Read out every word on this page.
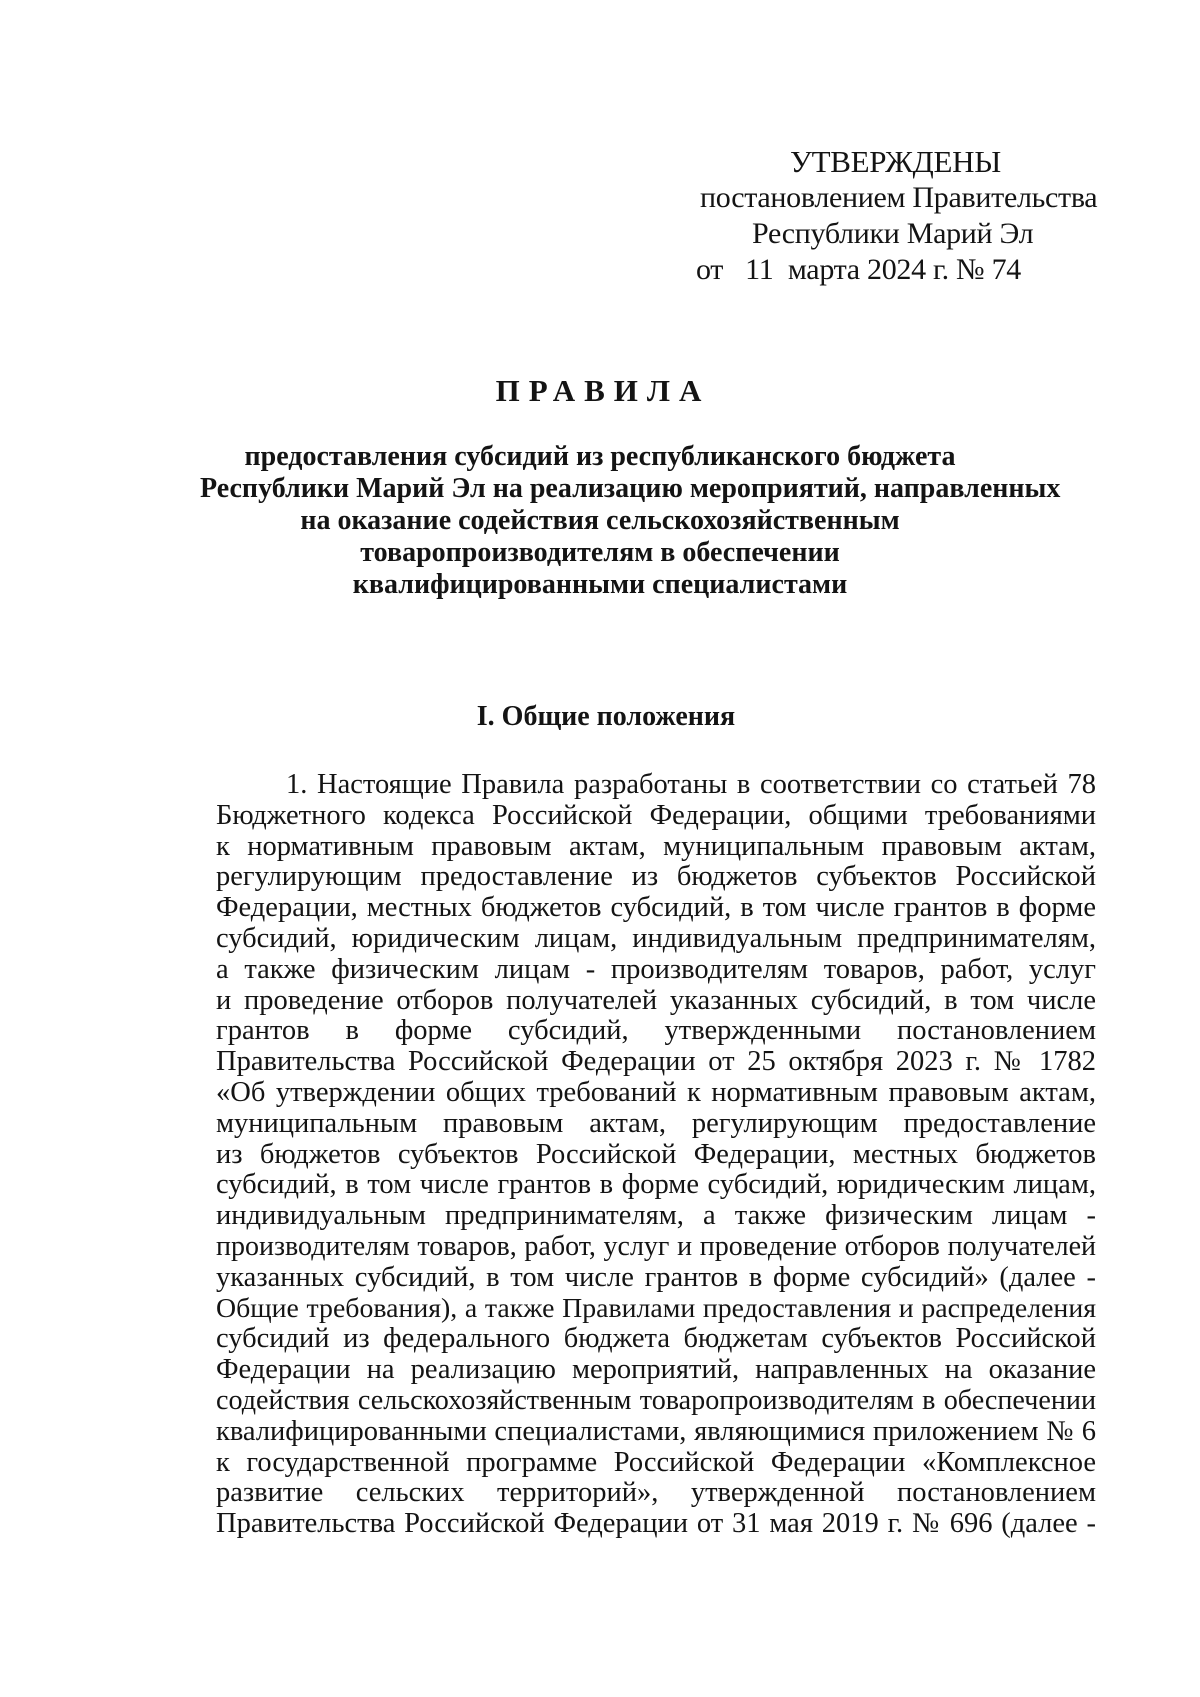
УТВЕРЖДЕНЫ
постановлением Правительства
Республики Марий Эл
от 11 марта 2024 г. № 74
ПРАВИЛА
предоставления субсидий из республиканского бюджета
Республики Марий Эл на реализацию мероприятий, направленных
на оказание содействия сельскохозяйственным
товаропроизводителям в обеспечении
квалифицированными специалистами
I. Общие положения
1. Настоящие Правила разработаны в соответствии со статьей 78
Бюджетного кодекса Российской Федерации, общими требованиями
к нормативным правовым актам, муниципальным правовым актам,
регулирующим предоставление из бюджетов субъектов Российской
Федерации, местных бюджетов субсидий, в том числе грантов в форме
субсидий, юридическим лицам, индивидуальным предпринимателям,
а также физическим лицам - производителям товаров, работ, услуг
и проведение отборов получателей указанных субсидий, в том числе
грантов в форме субсидий, утвержденными постановлением
Правительства Российской Федерации от 25 октября 2023 г. № 1782
«Об утверждении общих требований к нормативным правовым актам,
муниципальным правовым актам, регулирующим предоставление
из бюджетов субъектов Российской Федерации, местных бюджетов
субсидий, в том числе грантов в форме субсидий, юридическим лицам,
индивидуальным предпринимателям, а также физическим лицам -
производителям товаров, работ, услуг и проведение отборов получателей
указанных субсидий, в том числе грантов в форме субсидий» (далее -
Общие требования), а также Правилами предоставления и распределения
субсидий из федерального бюджета бюджетам субъектов Российской
Федерации на реализацию мероприятий, направленных на оказание
содействия сельскохозяйственным товаропроизводителям в обеспечении
квалифицированными специалистами, являющимися приложением № 6
к государственной программе Российской Федерации «Комплексное
развитие сельских территорий», утвержденной постановлением
Правительства Российской Федерации от 31 мая 2019 г. № 696 (далее -
